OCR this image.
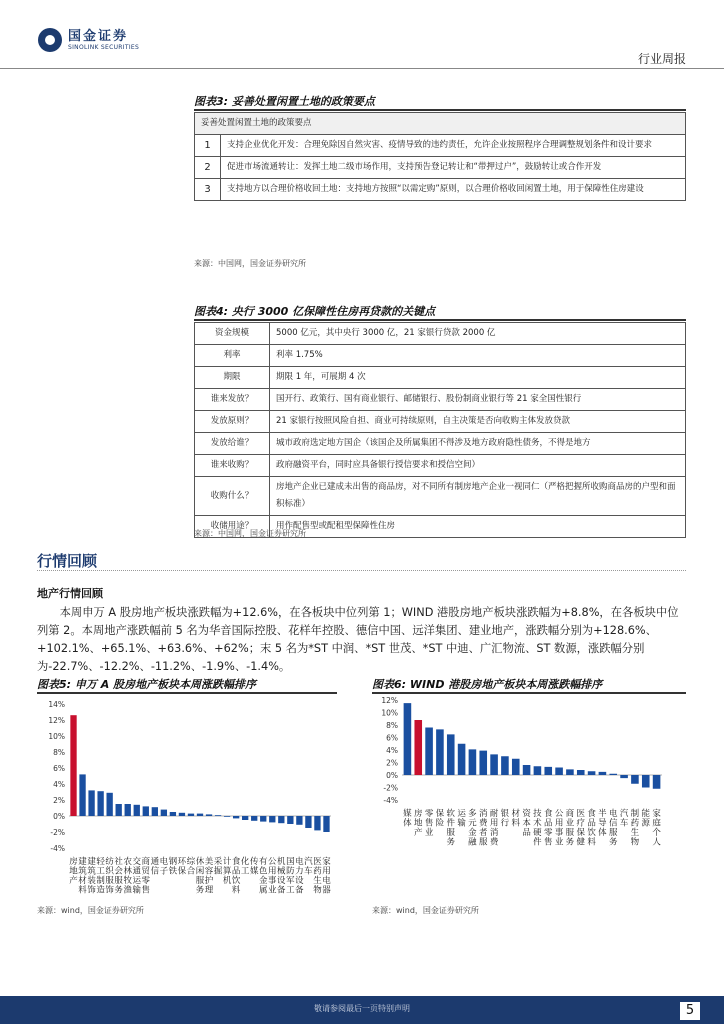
国金证券
SINOLINK SECURITIES
行业周报
图表3: 妥善处置闲置土地的政策要点
妥善处置闲置土地的政策要点	
1	支持企业优化开发：合理免除因自然灾害、疫情导致的违约责任，允许企业按照程序合理调整规划条件和设计要求
2	促进市场流通转让：发挥土地二级市场作用，支持预告登记转让和“带押过户”，鼓励转让或合作开发
3	支持地方以合理价格收回土地：支持地方按照“以需定购”原则，以合理价格收回闲置土地，用于保障性住房建设
来源：中国网，国金证券研究所
图表4: 央行 3000 亿保障性住房再贷款的关键点
资金规模	5000 亿元，其中央行 3000 亿，21 家银行贷款 2000 亿
利率	利率 1.75%
期限	期限 1 年，可展期 4 次
谁来发放？	国开行、政策行、国有商业银行、邮储银行、股份制商业银行等 21 家全国性银行
发放原则？	21 家银行按照风险自担、商业可持续原则，自主决策是否向收购主体发放贷款
发放给谁？	城市政府选定地方国企（该国企及所属集团不得涉及地方政府隐性债务，不得是地方
谁来收购？	政府融资平台，同时应具备银行授信要求和授信空间）
收购什么？	房地产企业已建成未出售的商品房，对不同所有制房地产企业一视同仁（严格把握所收购商品房的户型和面积标准）
收储用途？	用作配售型或配租型保障性住房
来源：中国网，国金证券研究所
行情回顾
地产行情回顾
本周申万 A 股房地产板块涨跌幅为+12.6%，在各板块中位列第 1；WIND 港股房地产板块涨跌幅为+8.8%，在各板块中位列第 2。本周地产涨跌幅前 5 名为华音国际控股、花样年控股、德信中国、远洋集团、建业地产，涨跌幅分别为+128.6%、+102.1%、+65.1%、+63.6%、+62%；末 5 名为*ST 中润、*ST 世茂、*ST 中迪、广汇物流、ST 数源，涨跌幅分别为-22.7%、-12.2%、-11.2%、-1.9%、-1.4%。
图表5: 申万 A 股房地产板块本周涨跌幅排序	图表6: WIND 港股房地产板块本周涨跌幅排序
14%
12%
10%
8%
6%
4%
2%
0%
-2%
-4%
房
地
产
建
筑
材
料
建
筑
装
饰
轻
工
制
造
纺
织
服
饰
社
会
服
务
农
林
牧
渔
交
通
运
输
商
贸
零
售
通
信
电
子
钢
铁
环
保
综
合
休
闲
服
务
美
容
护
理
采
掘
计
算
机
食
品
饮
料
化
工
传
媒
有
色
金
属
公
用
事
业
机
械
设
备
国
防
军
工
电
力
设
备
汽
车
医
药
生
物
家
用
电
器
12%
10%
8%
6%
4%
2%
0%
-2%
-4%
媒
体
房
地
产
零
售
业
保
险
软
件
服
务
运
输
多
元
金
融
消
费
者
服
耐
用
消
费
银
行
材
料
资
本
品
技
术
硬
件
食
品
零
售
公
用
事
业
商
业
服
务
医
疗
保
健
食
品
饮
料
半
导
体
电
信
服
务
汽
车
制
药
生
物
能
源
家
庭
个
人
来源：wind，国金证券研究所	来源：wind，国金证券研究所
敬请参阅最后一页特别声明	5
